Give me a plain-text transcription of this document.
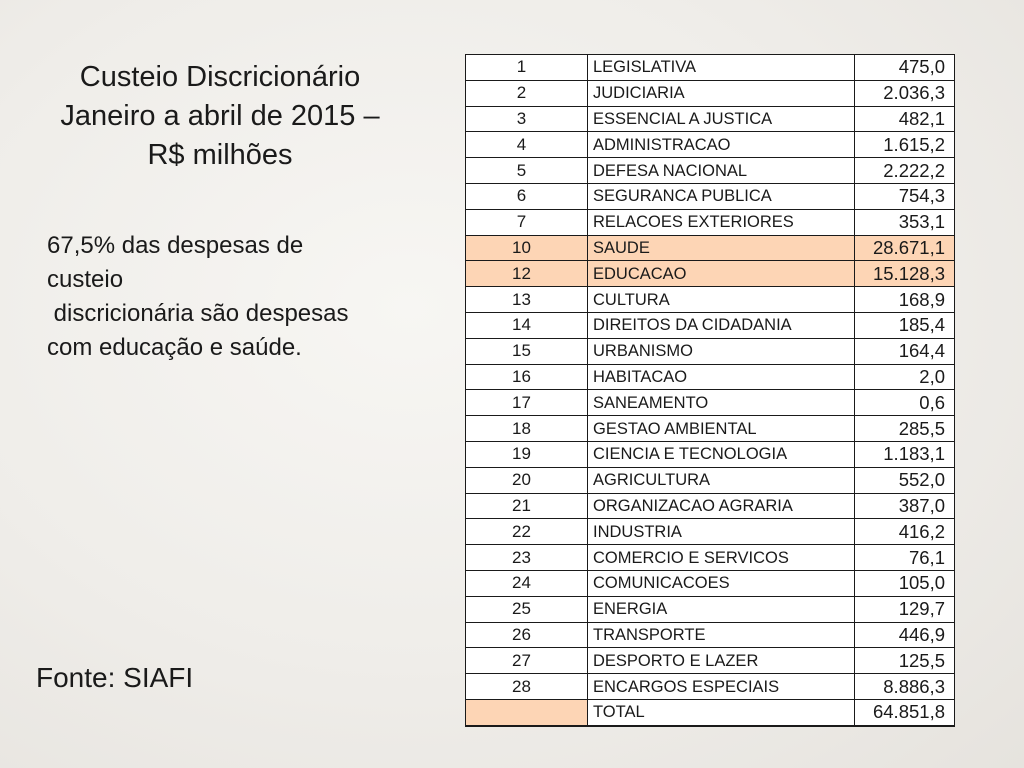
Custeio Discricionário
Janeiro a abril de 2015 –
R$ milhões
67,5% das despesas de
custeio
discricionária são despesas
com educação e saúde.
Fonte: SIAFI
1	LEGISLATIVA	475,0
2	JUDICIARIA	2.036,3
3	ESSENCIAL A JUSTICA	482,1
4	ADMINISTRACAO	1.615,2
5	DEFESA NACIONAL	2.222,2
6	SEGURANCA PUBLICA	754,3
7	RELACOES EXTERIORES	353,1
10	SAUDE	28.671,1
12	EDUCACAO	15.128,3
13	CULTURA	168,9
14	DIREITOS DA CIDADANIA	185,4
15	URBANISMO	164,4
16	HABITACAO	2,0
17	SANEAMENTO	0,6
18	GESTAO AMBIENTAL	285,5
19	CIENCIA E TECNOLOGIA	1.183,1
20	AGRICULTURA	552,0
21	ORGANIZACAO AGRARIA	387,0
22	INDUSTRIA	416,2
23	COMERCIO E SERVICOS	76,1
24	COMUNICACOES	105,0
25	ENERGIA	129,7
26	TRANSPORTE	446,9
27	DESPORTO E LAZER	125,5
28	ENCARGOS ESPECIAIS	8.886,3
	TOTAL	64.851,8
